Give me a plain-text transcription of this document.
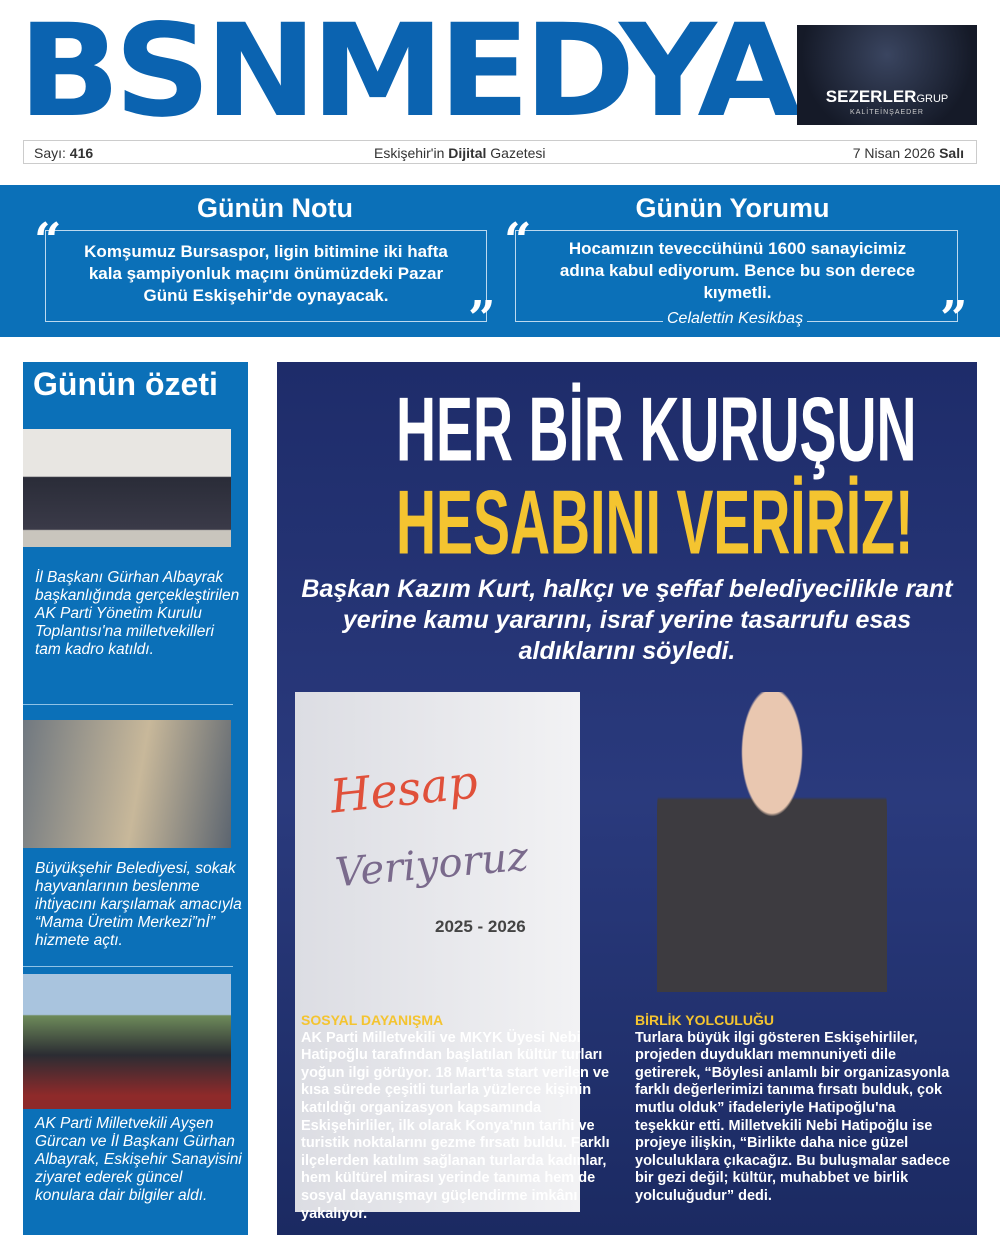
BSNMEDYA	SEZERLERGRUP
KALİTEİNŞAEDER
Sayı: 416	Eskişehir'in Dijital Gazetesi	7 Nisan 2026 Salı
Günün Notu
“	Komşumuz Bursaspor, ligin bitimine iki hafta kala şampiyonluk maçını önümüzdeki Pazar Günü Eskişehir'de oynayacak.	”
Günün Yorumu
“	Hocamızın teveccühünü 1600 sanayicimiz adına kabul ediyorum. Bence bu son derece kıymetli.
Celalettin Kesikbaş	”
Günün özeti
İl Başkanı Gürhan Albayrak başkanlığında gerçekleştirilen AK Parti Yönetim Kurulu Toplantısı'na milletvekilleri tam kadro katıldı.
Büyükşehir Belediyesi, sokak hayvanlarının beslenme ihtiyacını karşılamak amacıyla “Mama Üretim Merkezi”nİ” hizmete açtı.
AK Parti Milletvekili Ayşen Gürcan ve İl Başkanı Gürhan Albayrak, Eskişehir Sanayisini ziyaret ederek güncel konulara dair bilgiler aldı.
Hesap
Veriyoruz
2025 - 2026
HER BİR KURUŞUN
HESABINI VERİRİZ!
Başkan Kazım Kurt, halkçı ve şeffaf belediyecilikle rant yerine kamu yararını, israf yerine tasarrufu esas aldıklarını söyledi.
SOSYAL DAYANIŞMA

AK Parti Milletvekili ve MKYK Üyesi Nebi Hatipoğlu tarafından başlatılan kültür turları yoğun ilgi görüyor. 18 Mart'ta start verilen ve kısa sürede çeşitli turlarla yüzlerce kişinin katıldığı organizasyon kapsamında Eskişehirliler, ilk olarak Konya'nın tarihi ve turistik noktalarını gezme fırsatı buldu. Farklı ilçelerden katılım sağlanan turlarda kadınlar, hem kültürel mirası yerinde tanıma hem de sosyal dayanışmayı güçlendirme imkânı yakalıyor.

BİRLİK YOLCULUĞU

Turlara büyük ilgi gösteren Eskişehirliler, projeden duydukları memnuniyeti dile getirerek, “Böylesi anlamlı bir organizasyonla farklı değerlerimizi tanıma fırsatı bulduk, çok mutlu olduk” ifadeleriyle Hatipoğlu'na teşekkür etti. Milletvekili Nebi Hatipoğlu ise projeye ilişkin, “Birlikte daha nice güzel yolculuklara çıkacağız. Bu buluşmalar sadece bir gezi değil; kültür, muhabbet ve birlik yolculuğudur” dedi.
